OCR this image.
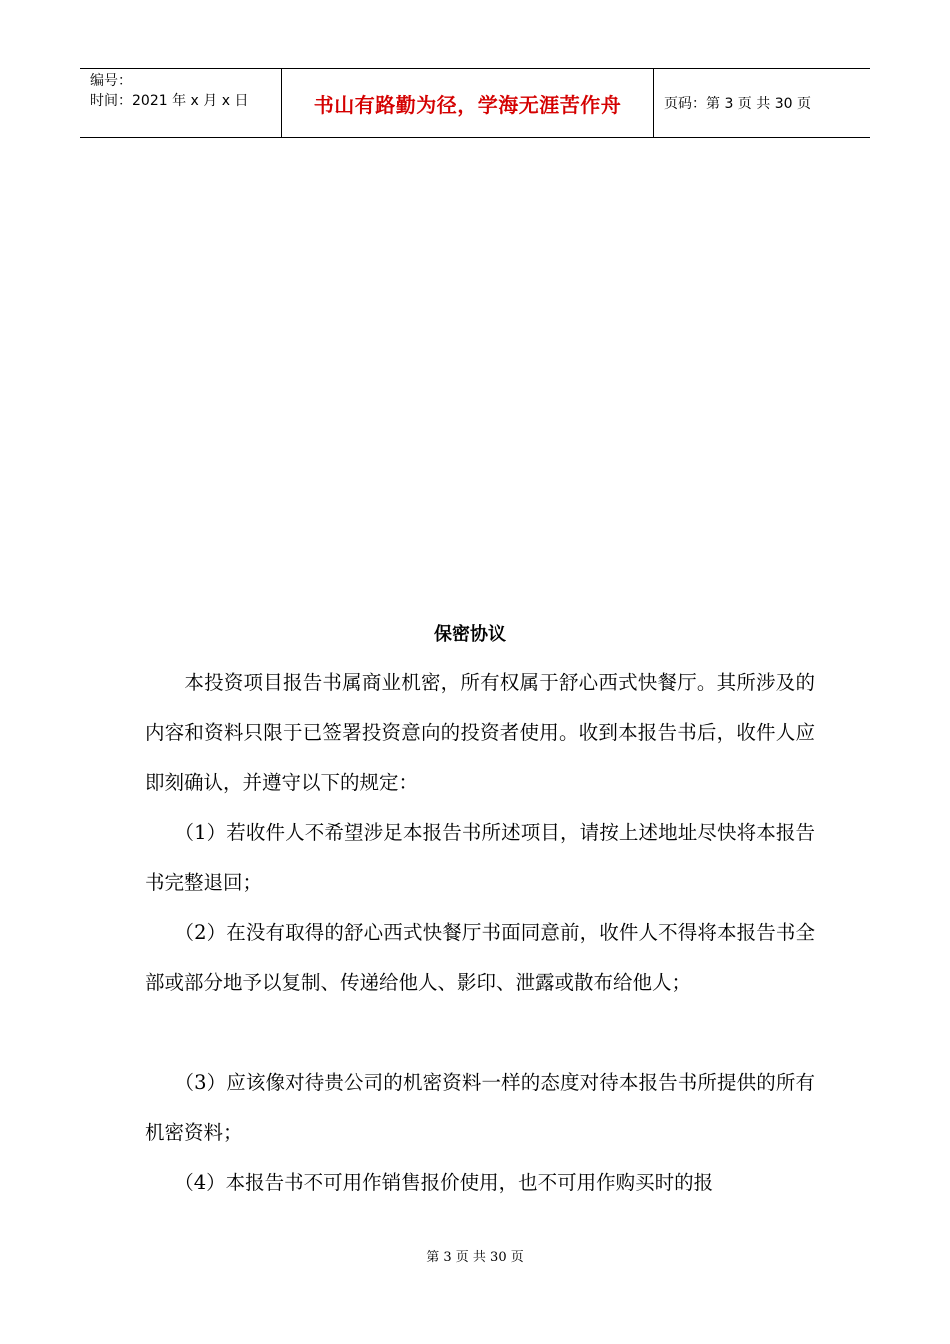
编号：
时间：2021 年 x 月 x 日	书山有路勤为径，学海无涯苦作舟	页码：第 3 页 共 30 页
保密协议
　　本投资项目报告书属商业机密，所有权属于舒心西式快餐厅。其所涉及的内容和资料只限于已签署投资意向的投资者使用。收到本报告书后，收件人应即刻确认，并遵守以下的规定：
　　（1）若收件人不希望涉足本报告书所述项目，请按上述地址尽快将本报告书完整退回；
　　（2）在没有取得的舒心西式快餐厅书面同意前，收件人不得将本报告书全部或部分地予以复制、传递给他人、影印、泄露或散布给他人；
　　（3）应该像对待贵公司的机密资料一样的态度对待本报告书所提供的所有机密资料；
　　（4）本报告书不可用作销售报价使用，也不可用作购买时的报
第 3 页 共 30 页
